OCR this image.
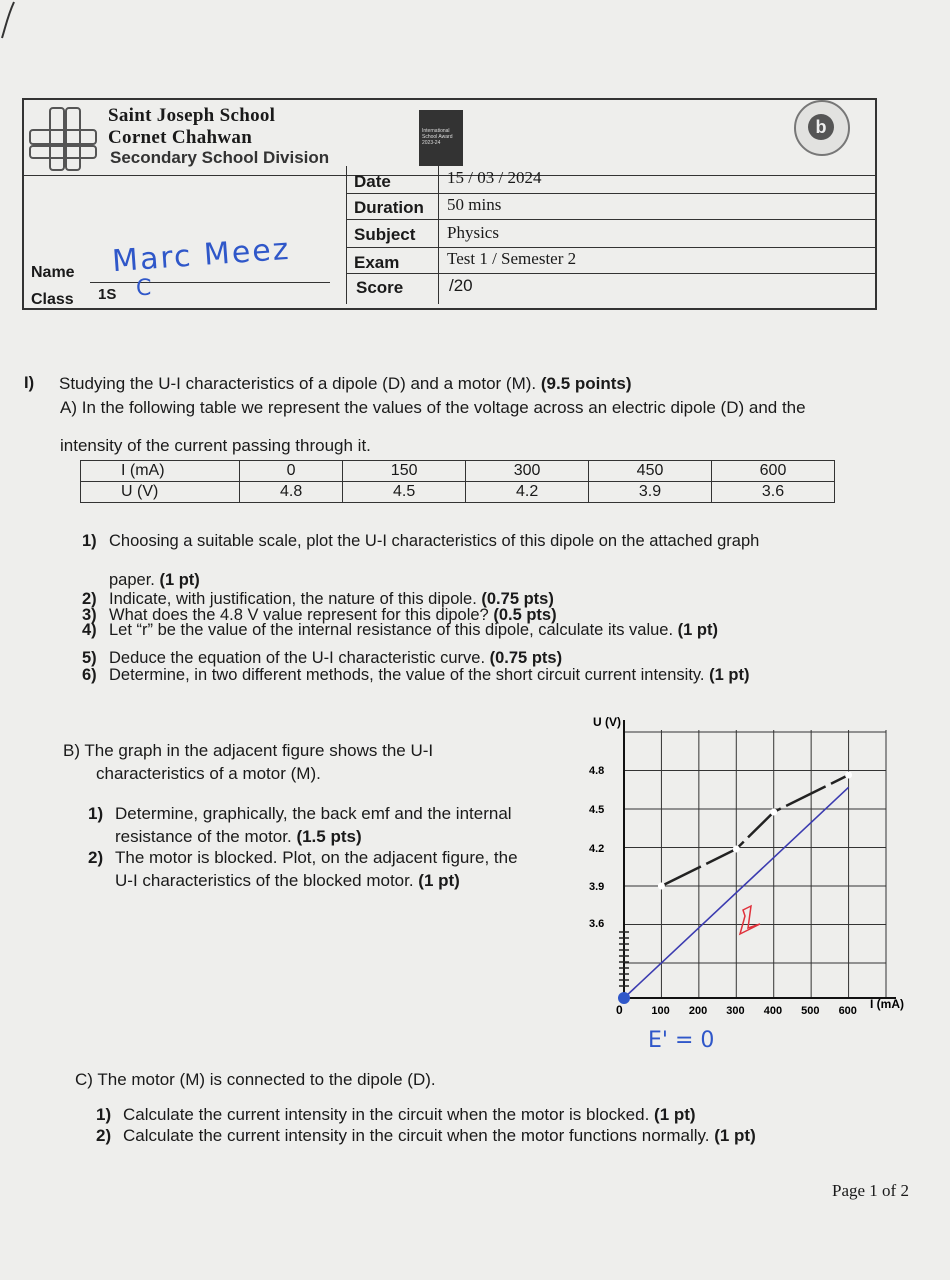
Saint Joseph School
Cornet Chahwan
Secondary School Division
International
School Award
2023-24
b
Date	15 / 03 / 2024
Duration 50 mins
Subject Physics
Exam	Test 1 / Semester 2
Score	/20
Name Marc Meez
Class 1S C
I) Studying the U-I characteristics of a dipole (D) and a motor (M). (9.5 points)
A) In the following table we represent the values of the voltage across an electric dipole (D) and the
intensity of the current passing through it.
I (mA)	0	150	300	450	600
U (V)	4.8	4.5	4.2	3.9	3.6
1) Choosing a suitable scale, plot the U-I characteristics of this dipole on the attached graph
paper. (1 pt)
2) Indicate, with justification, the nature of this dipole. (0.75 pts)
3) What does the 4.8 V value represent for this dipole? (0.5 pts)
4) Let “r” be the value of the internal resistance of this dipole, calculate its value. (1 pt)
5) Deduce the equation of the U-I characteristic curve. (0.75 pts)
6) Determine, in two different methods, the value of the short circuit current intensity. (1 pt)
B) The graph in the adjacent figure shows the U-I
characteristics of a motor (M).
1) Determine, graphically, the back emf and the internal
resistance of the motor. (1.5 pts)
2) The motor is blocked. Plot, on the adjacent figure, the
U-I characteristics of the blocked motor. (1 pt)
U (V)
I (mA)
0
4.8
4.5
4.2
3.9
3.6
100 200 300 400 500 600
E' = 0
C) The motor (M) is connected to the dipole (D).
1) Calculate the current intensity in the circuit when the motor is blocked. (1 pt)
2) Calculate the current intensity in the circuit when the motor functions normally. (1 pt)
Page 1 of 2
